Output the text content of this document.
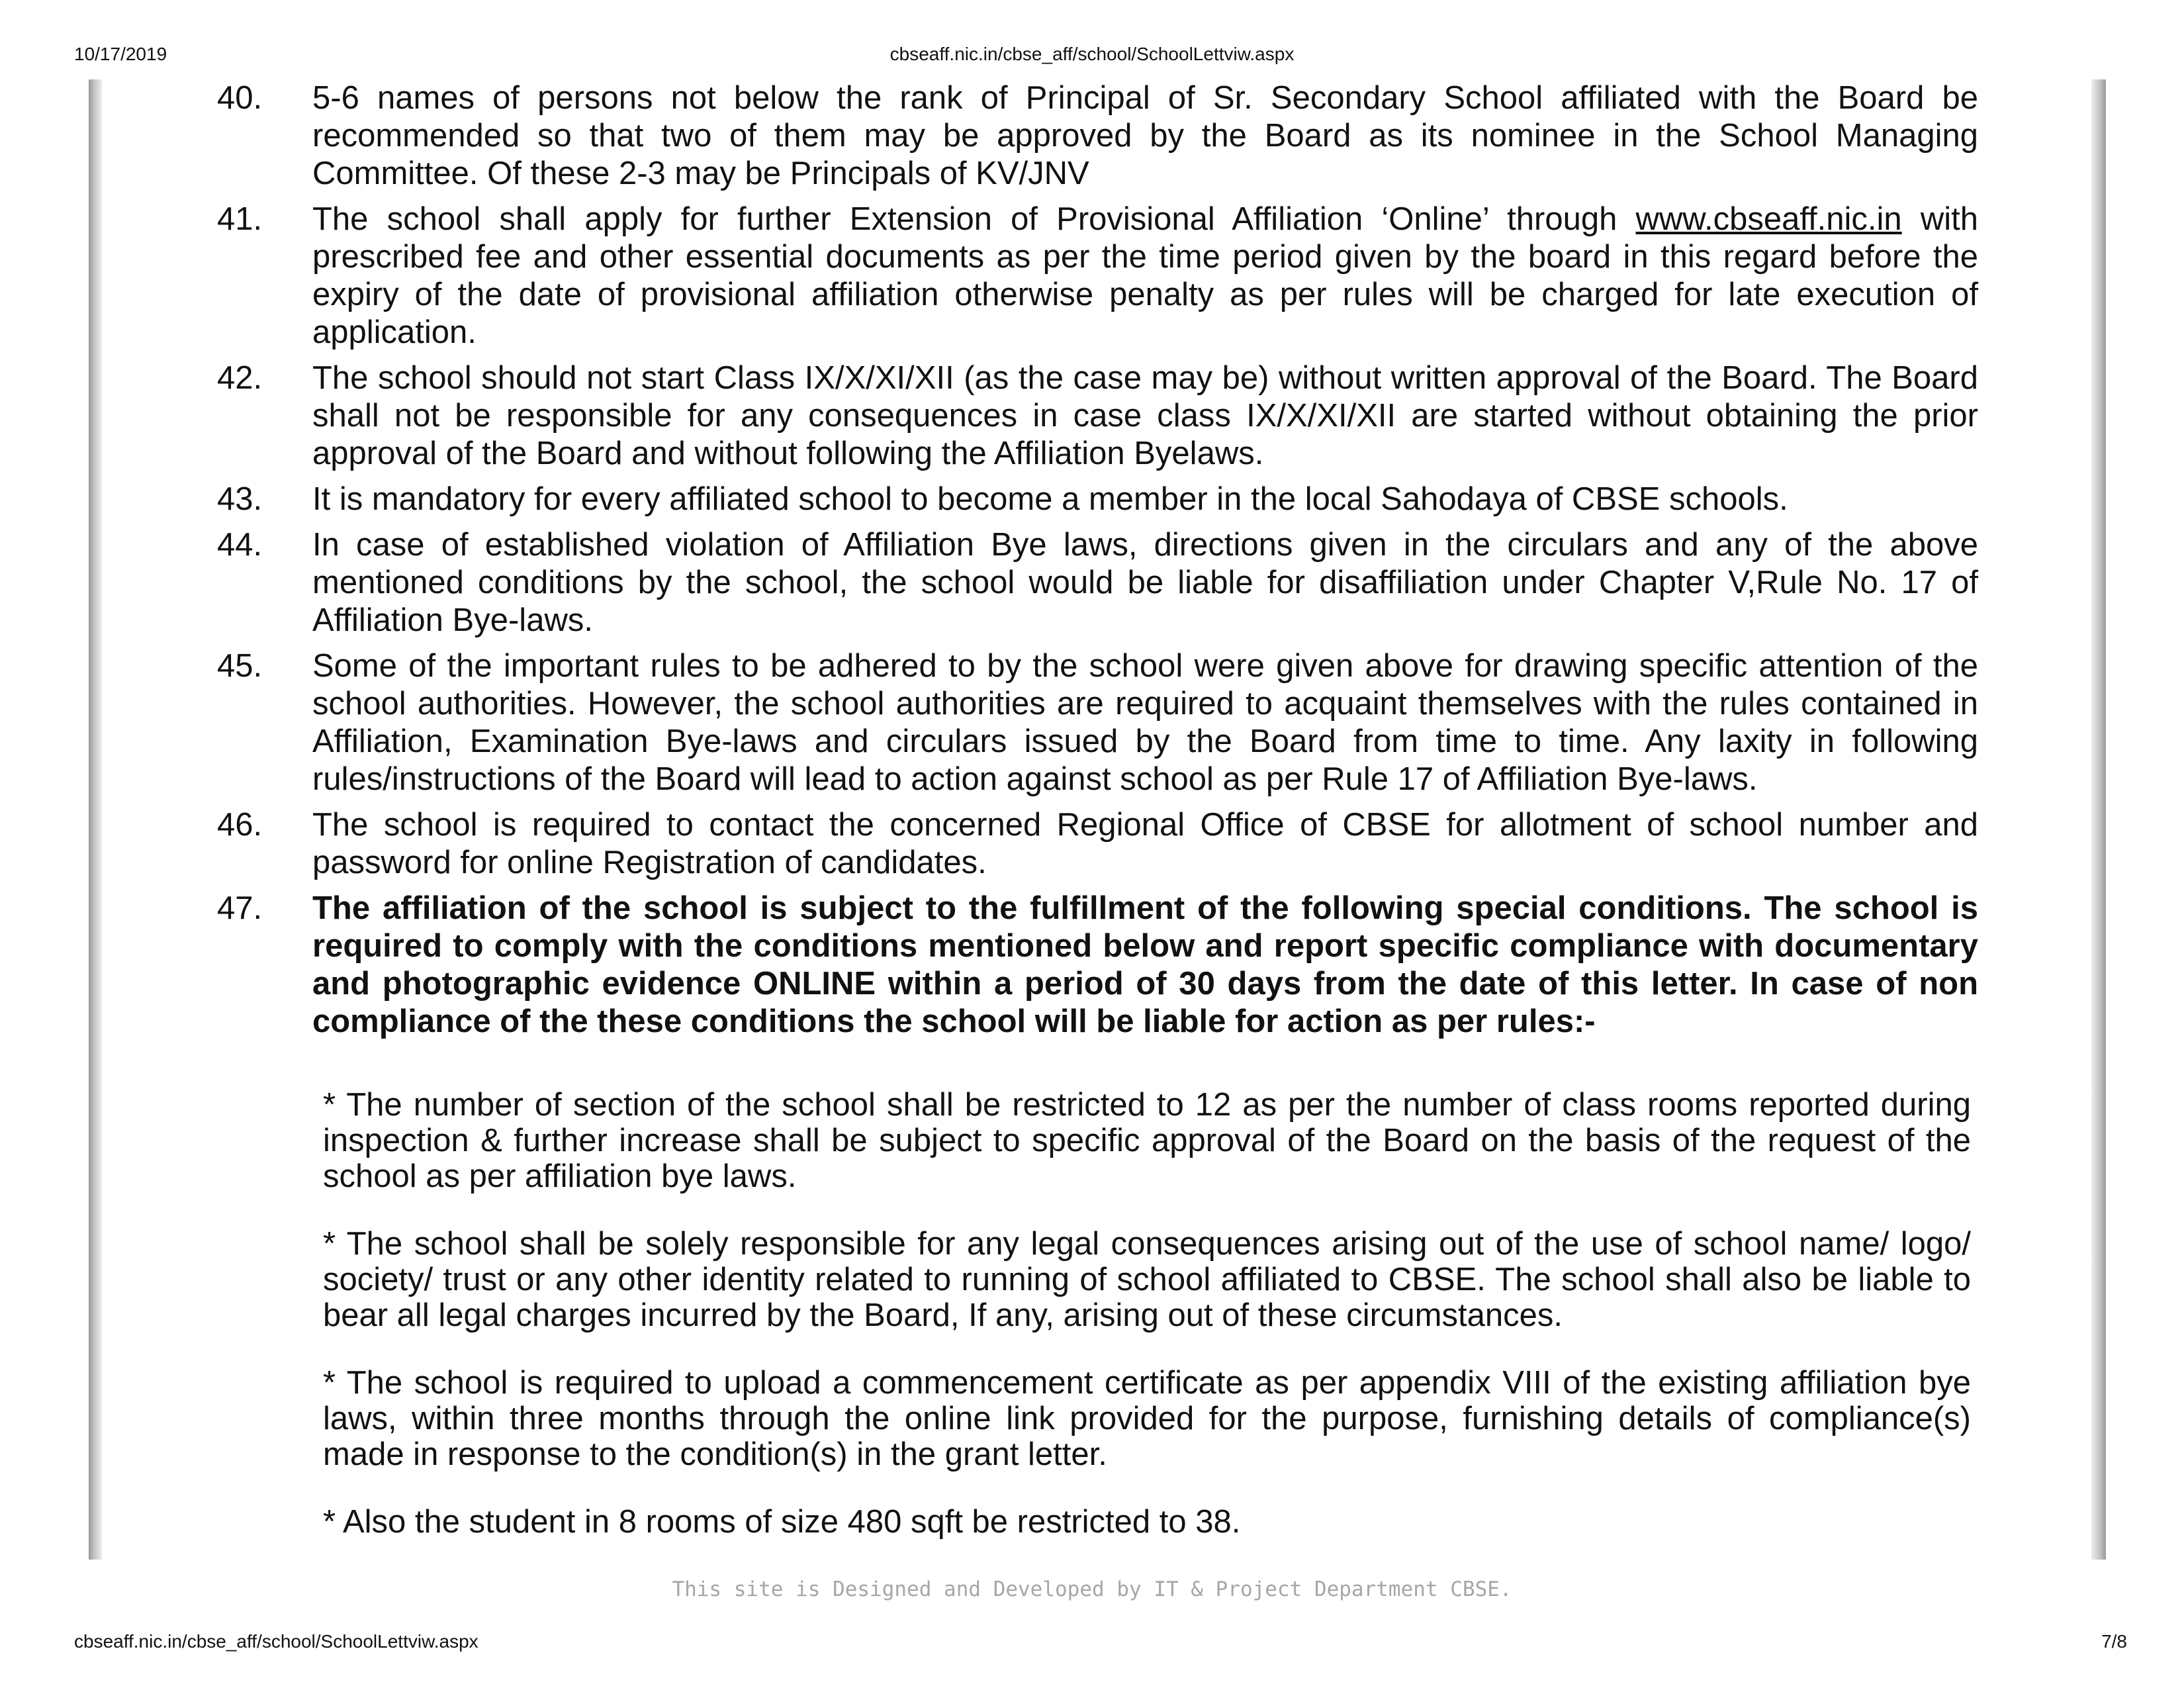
10/17/2019	cbseaff.nic.in/cbse_aff/school/SchoolLettviw.aspx
40. 5-6 names of persons not below the rank of Principal of Sr. Secondary School affiliated with the Board be recommended so that two of them may be approved by the Board as its nominee in the School Managing Committee. Of these 2-3 may be Principals of KV/JNV
41. The school shall apply for further Extension of Provisional Affiliation ‘Online’ through www.cbseaff.nic.in with prescribed fee and other essential documents as per the time period given by the board in this regard before the expiry of the date of provisional affiliation otherwise penalty as per rules will be charged for late execution of application.
42. The school should not start Class IX/X/XI/XII (as the case may be) without written approval of the Board. The Board shall not be responsible for any consequences in case class IX/X/XI/XII are started without obtaining the prior approval of the Board and without following the Affiliation Byelaws.
43. It is mandatory for every affiliated school to become a member in the local Sahodaya of CBSE schools.
44. In case of established violation of Affiliation Bye laws, directions given in the circulars and any of the above mentioned conditions by the school, the school would be liable for disaffiliation under Chapter V,Rule No. 17 of Affiliation Bye-laws.
45. Some of the important rules to be adhered to by the school were given above for drawing specific attention of the school authorities. However, the school authorities are required to acquaint themselves with the rules contained in Affiliation, Examination Bye-laws and circulars issued by the Board from time to time. Any laxity in following rules/instructions of the Board will lead to action against school as per Rule 17 of Affiliation Bye-laws.
46. The school is required to contact the concerned Regional Office of CBSE for allotment of school number and password for online Registration of candidates.
47. The affiliation of the school is subject to the fulfillment of the following special conditions. The school is required to comply with the conditions mentioned below and report specific compliance with documentary and photographic evidence ONLINE within a period of 30 days from the date of this letter. In case of non compliance of the these conditions the school will be liable for action as per rules:-
* The number of section of the school shall be restricted to 12 as per the number of class rooms reported during inspection & further increase shall be subject to specific approval of the Board on the basis of the request of the school as per affiliation bye laws.
* The school shall be solely responsible for any legal consequences arising out of the use of school name/ logo/ society/ trust or any other identity related to running of school affiliated to CBSE. The school shall also be liable to bear all legal charges incurred by the Board, If any, arising out of these circumstances.
* The school is required to upload a commencement certificate as per appendix VIII of the existing affiliation bye laws, within three months through the online link provided for the purpose, furnishing details of compliance(s) made in response to the condition(s) in the grant letter.
* Also the student in 8 rooms of size 480 sqft be restricted to 38.
This site is Designed and Developed by IT & Project Department CBSE.
cbseaff.nic.in/cbse_aff/school/SchoolLettviw.aspx	7/8
